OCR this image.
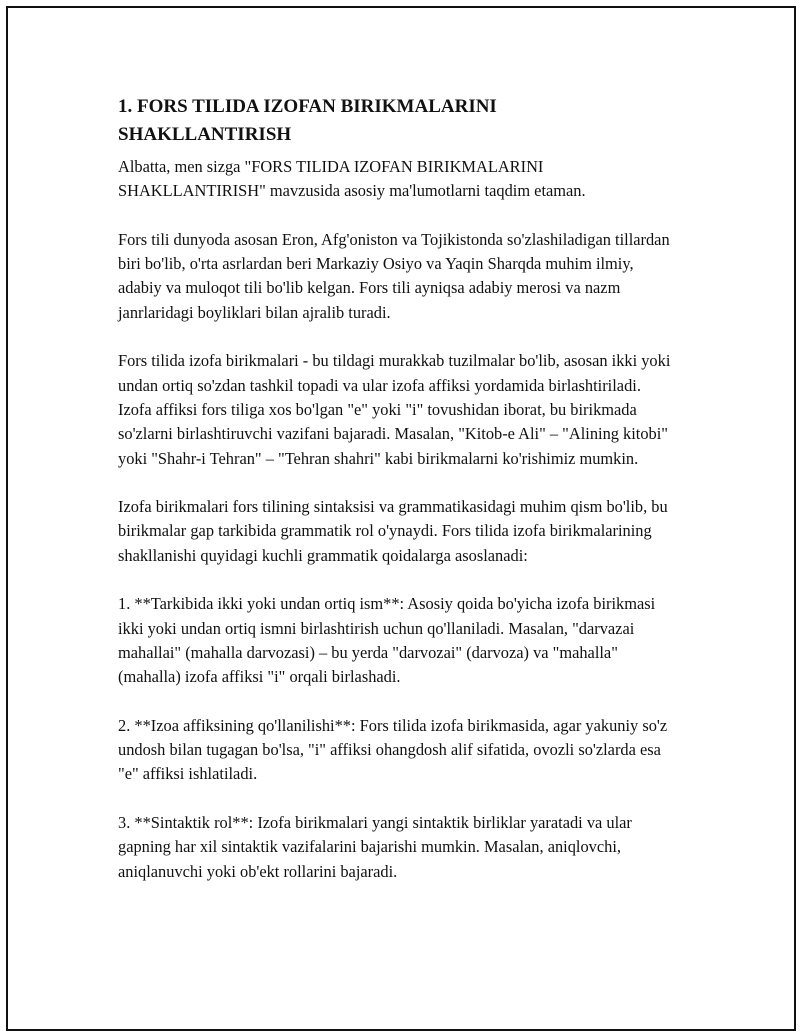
1. FORS TILIDA IZOFAN BIRIKMALARINI
SHAKLLANTIRISH

Albatta, men sizga "FORS TILIDA IZOFAN BIRIKMALARINI SHAKLLANTIRISH" mavzusida asosiy ma'lumotlarni taqdim etaman.

Fors tili dunyoda asosan Eron, Afg'oniston va Tojikistonda so'zlashiladigan tillardan biri bo'lib, o'rta asrlardan beri Markaziy Osiyo va Yaqin Sharqda muhim ilmiy, adabiy va muloqot tili bo'lib kelgan. Fors tili ayniqsa adabiy merosi va nazm janrlaridagi boyliklari bilan ajralib turadi.

Fors tilida izofa birikmalari - bu tildagi murakkab tuzilmalar bo'lib, asosan ikki yoki undan ortiq so'zdan tashkil topadi va ular izofa affiksi yordamida birlashtiriladi. Izofa affiksi fors tiliga xos bo'lgan "e" yoki "i" tovushidan iborat, bu birikmada so'zlarni birlashtiruvchi vazifani bajaradi. Masalan, "Kitob-e Ali" – "Alining kitobi" yoki "Shahr-i Tehran" – "Tehran shahri" kabi birikmalarni ko'rishimiz mumkin.

Izofa birikmalari fors tilining sintaksisi va grammatikasidagi muhim qism bo'lib, bu birikmalar gap tarkibida grammatik rol o'ynaydi. Fors tilida izofa birikmalarining shakllanishi quyidagi kuchli grammatik qoidalarga asoslanadi:

1. **Tarkibida ikki yoki undan ortiq ism**: Asosiy qoida bo'yicha izofa birikmasi ikki yoki undan ortiq ismni birlashtirish uchun qo'llaniladi. Masalan, "darvazai mahallai" (mahalla darvozasi) – bu yerda "darvozai" (darvoza) va "mahalla" (mahalla) izofa affiksi "i" orqali birlashadi.

2. **Izoa affiksining qo'llanilishi**: Fors tilida izofa birikmasida, agar yakuniy so'z undosh bilan tugagan bo'lsa, "i" affiksi ohangdosh alif sifatida, ovozli so'zlarda esa "e" affiksi ishlatiladi.

3. **Sintaktik rol**: Izofa birikmalari yangi sintaktik birliklar yaratadi va ular gapning har xil sintaktik vazifalarini bajarishi mumkin. Masalan, aniqlovchi, aniqlanuvchi yoki ob'ekt rollarini bajaradi.
